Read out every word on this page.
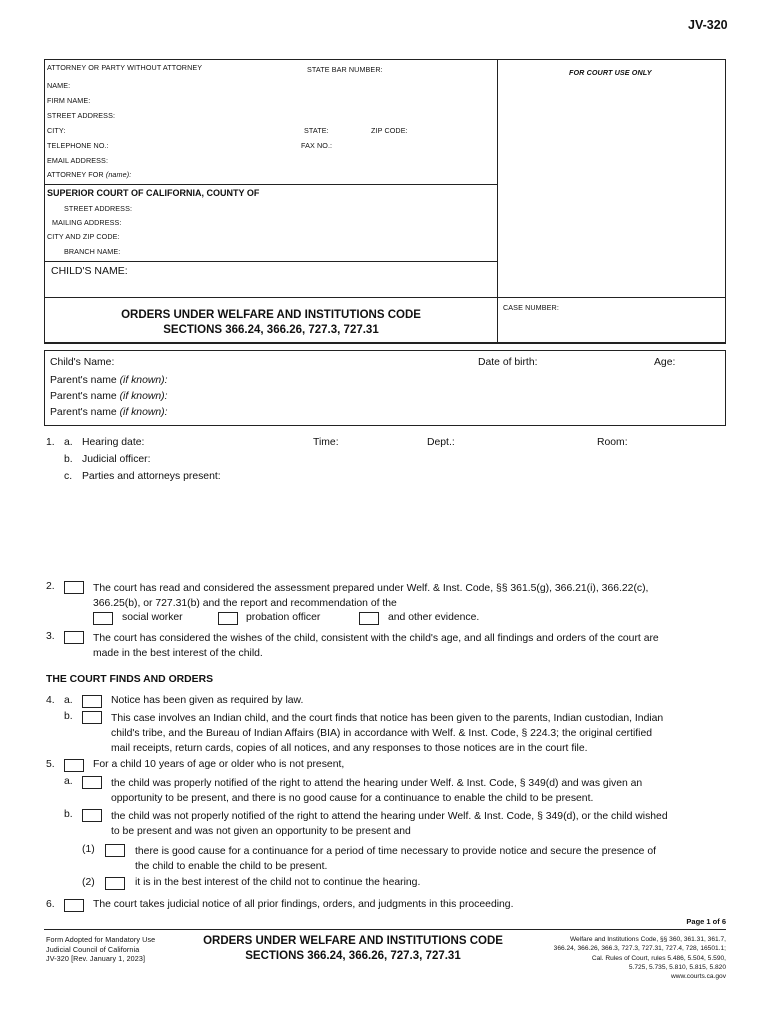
JV-320
ATTORNEY OR PARTY WITHOUT ATTORNEY	STATE BAR NUMBER:	FOR COURT USE ONLY
NAME:
FIRM NAME:
STREET ADDRESS:
CITY:	STATE:	ZIP CODE:
TELEPHONE NO.:	FAX NO.:
EMAIL ADDRESS:
ATTORNEY FOR (name):
SUPERIOR COURT OF CALIFORNIA, COUNTY OF
STREET ADDRESS:
MAILING ADDRESS:
CITY AND ZIP CODE:
BRANCH NAME:
CHILD'S NAME:
CASE NUMBER:
ORDERS UNDER WELFARE AND INSTITUTIONS CODE
SECTIONS 366.24, 366.26, 727.3, 727.31
Child's Name:	Date of birth:	Age:
Parent's name (if known):
Parent's name (if known):
Parent's name (if known):
1. a. Hearing date:	Time:	Dept.:	Room:
b. Judicial officer:
c. Parties and attorneys present:
2.	The court has read and considered the assessment prepared under Welf. & Inst. Code, §§ 361.5(g), 366.21(i), 366.22(c),
366.25(b), or 727.31(b) and the report and recommendation of the
social worker	probation officer	and other evidence.
3.	The court has considered the wishes of the child, consistent with the child's age, and all findings and orders of the court are
made in the best interest of the child.
THE COURT FINDS AND ORDERS
4. a.	Notice has been given as required by law.
b.	This case involves an Indian child, and the court finds that notice has been given to the parents, Indian custodian, Indian
child's tribe, and the Bureau of Indian Affairs (BIA) in accordance with Welf. & Inst. Code, § 224.3; the original certified
mail receipts, return cards, copies of all notices, and any responses to those notices are in the court file.
5.	For a child 10 years of age or older who is not present,
a.	the child was properly notified of the right to attend the hearing under Welf. & Inst. Code, § 349(d) and was given an
opportunity to be present, and there is no good cause for a continuance to enable the child to be present.
b.	the child was not properly notified of the right to attend the hearing under Welf. & Inst. Code, § 349(d), or the child wished
to be present and was not given an opportunity to be present and
(1)	there is good cause for a continuance for a period of time necessary to provide notice and secure the presence of
the child to enable the child to be present.
(2)	it is in the best interest of the child not to continue the hearing.
6.	The court takes judicial notice of all prior findings, orders, and judgments in this proceeding.
Page 1 of 6
Form Adopted for Mandatory Use
Judicial Council of California
JV-320 [Rev. January 1, 2023]
ORDERS UNDER WELFARE AND INSTITUTIONS CODE
SECTIONS 366.24, 366.26, 727.3, 727.31
Welfare and Institutions Code, §§ 360, 361.31, 361.7,
366.24, 366.26, 366.3, 727.3, 727.31, 727.4, 728, 16501.1;
Cal. Rules of Court, rules 5.486, 5.504, 5.590,
5.725, 5.735, 5.810, 5.815, 5.820
www.courts.ca.gov
